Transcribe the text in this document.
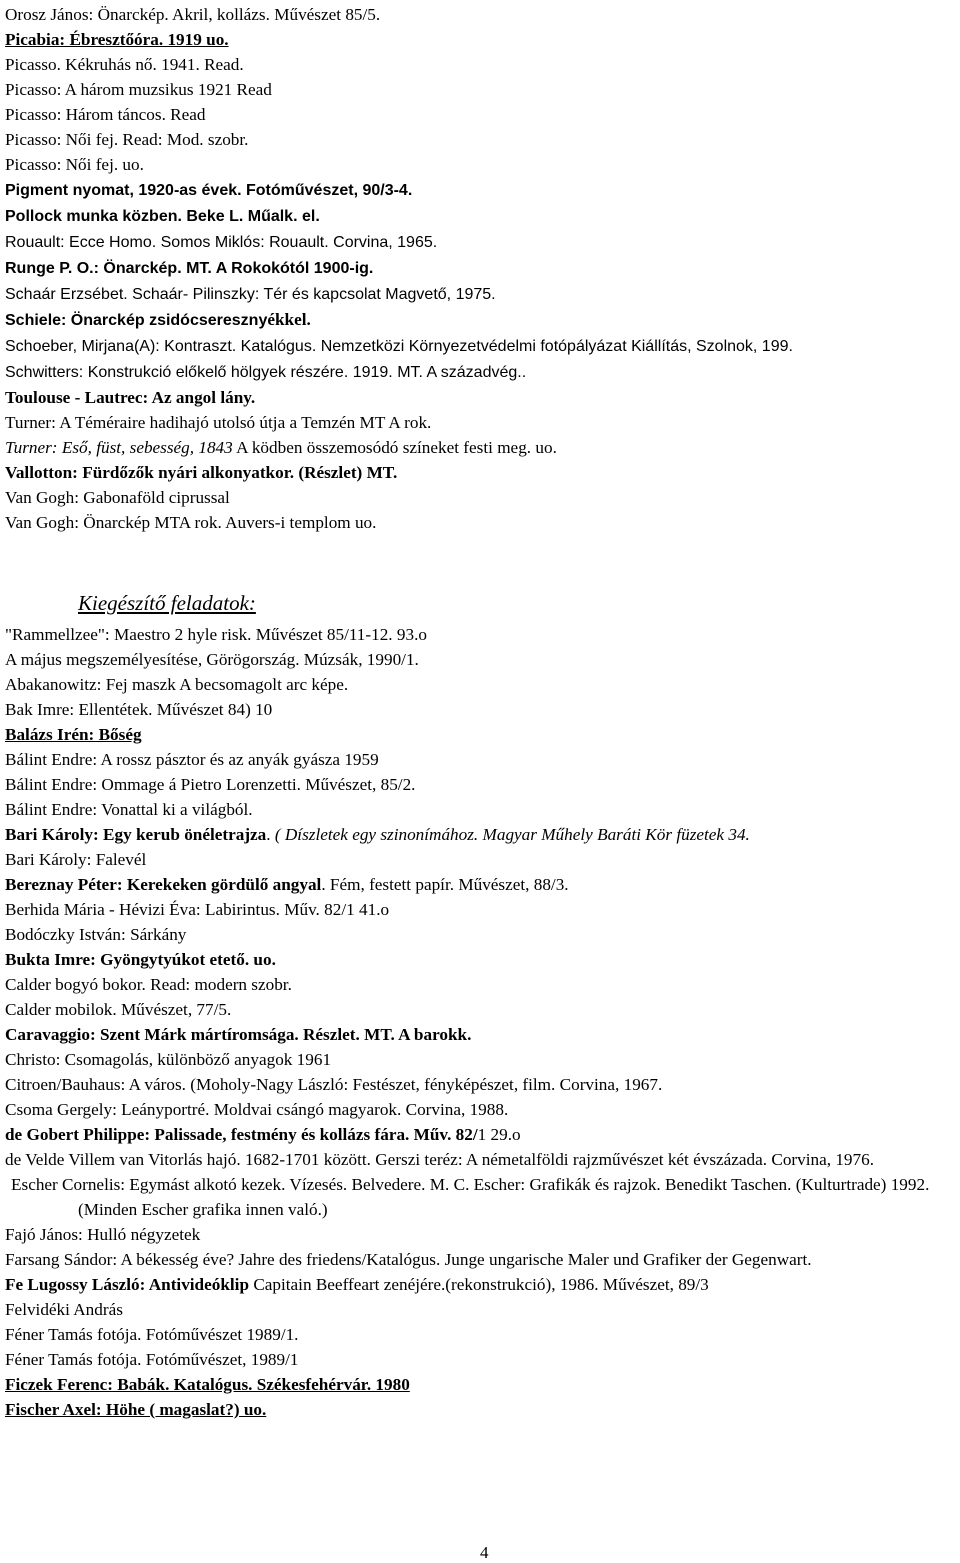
Orosz János: Önarckép. Akril, kollázs. Művészet 85/5.
Picabia: Ébresztőóra. 1919 uo.
Picasso. Kékruhás nő. 1941. Read.
Picasso: A három muzsikus 1921 Read
Picasso: Három táncos. Read
Picasso: Női fej. Read: Mod. szobr.
Picasso: Női fej. uo.
Pigment nyomat, 1920-as évek. Fotóművészet, 90/3-4.
Pollock munka közben. Beke L. Műalk. el.
Rouault: Ecce Homo. Somos Miklós: Rouault. Corvina, 1965.
Runge P. O.: Önarckép. MT. A Rokokótól 1900-ig.
Schaár Erzsébet. Schaár- Pilinszky: Tér és kapcsolat Magvető, 1975.
Schiele: Önarckép zsidócseresznyékkel.
Schoeber, Mirjana(A): Kontraszt. Katalógus. Nemzetközi Környezetvédelmi fotópályázat Kiállítás, Szolnok, 199.
Schwitters: Konstrukció előkelő hölgyek részére. 1919. MT. A századvég..
Toulouse - Lautrec: Az angol lány.
Turner: A Téméraire hadihajó utolsó útja a Temzén MT A rok.
Turner: Eső, füst, sebesség, 1843 A ködben összemosódó színeket festi meg. uo.
Vallotton: Fürdőzők nyári alkonyatkor. (Részlet) MT.
Van Gogh: Gabonaföld ciprussal
Van Gogh: Önarckép MTA rok. Auvers-i templom uo.
Kiegészítő feladatok:
"Rammellzee": Maestro 2 hyle risk. Művészet 85/11-12. 93.o
A május megszemélyesítése, Görögország. Múzsák, 1990/1.
Abakanowitz: Fej maszk A becsomagolt arc képe.
Bak Imre: Ellentétek. Művészet 84) 10
Balázs Irén: Bőség
Bálint Endre: A rossz pásztor és az anyák gyásza 1959
Bálint Endre: Ommage á Pietro Lorenzetti. Művészet, 85/2.
Bálint Endre: Vonattal ki a világból.
Bari Károly: Egy kerub önéletrajza. ( Díszletek egy szinonímához. Magyar Műhely Baráti Kör füzetek 34.
Bari Károly: Falevél
Bereznay Péter: Kerekeken gördülő angyal. Fém, festett papír. Művészet, 88/3.
Berhida Mária - Hévizi Éva: Labirintus. Műv. 82/1 41.o
Bodóczky István: Sárkány
Bukta Imre: Gyöngytyúkot etető. uo.
Calder bogyó bokor. Read: modern szobr.
Calder mobilok. Művészet, 77/5.
Caravaggio: Szent Márk mártíromsága. Részlet. MT. A barokk.
Christo: Csomagolás, különböző anyagok 1961
Citroen/Bauhaus: A város. (Moholy-Nagy László: Festészet, fényképészet, film. Corvina, 1967.
Csoma Gergely: Leányportré. Moldvai csángó magyarok. Corvina, 1988.
de Gobert Philippe: Palissade, festmény és kollázs fára. Műv. 82/1 29.o
de Velde Villem van Vitorlás hajó. 1682-1701 között. Gerszi teréz: A németalföldi rajzművészet két évszázada. Corvina, 1976.
Escher Cornelis: Egymást alkotó kezek. Vízesés. Belvedere. M. C. Escher: Grafikák és rajzok. Benedikt Taschen. (Kulturtrade) 1992. (Minden Escher grafika innen való.)
Fajó János: Hulló négyzetek
Farsang Sándor: A békesség éve? Jahre des friedens/Katalógus. Junge ungarische Maler und Grafiker der Gegenwart.
Fe Lugossy László: Antivideóklip Capitain Beeffeart zenéjére.(rekonstrukció), 1986. Művészet, 89/3
Felvidéki András
Féner Tamás fotója. Fotóművészet 1989/1.
Féner Tamás fotója. Fotóművészet, 1989/1
Ficzek Ferenc: Babák. Katalógus. Székesfehérvár. 1980
Fischer Axel: Höhe ( magaslat?) uo.
4
